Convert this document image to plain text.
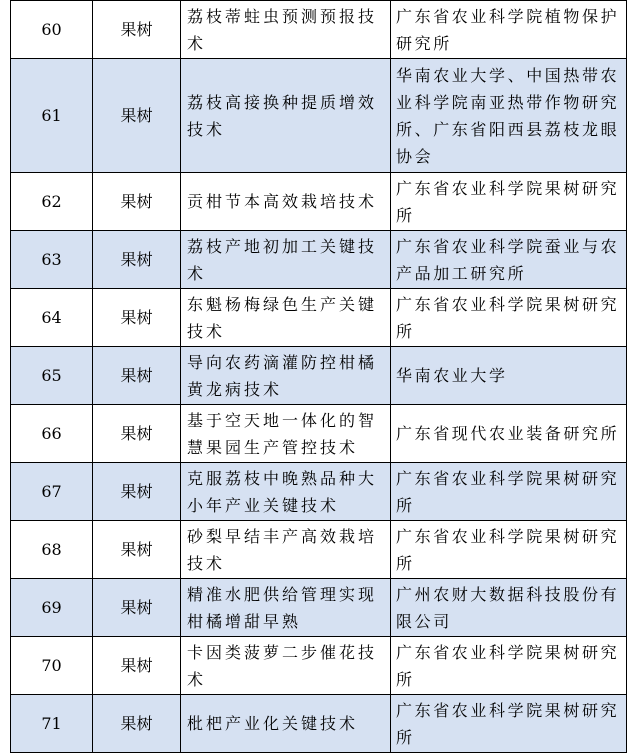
60	果树	荔枝蒂蛀虫预测预报技术	广东省农业科学院植物保护研究所
61	果树	荔枝高接换种提质增效技术	华南农业大学、中国热带农业科学院南亚热带作物研究所、广东省阳西县荔枝龙眼协会
62	果树	贡柑节本高效栽培技术	广东省农业科学院果树研究所
63	果树	荔枝产地初加工关键技术	广东省农业科学院蚕业与农产品加工研究所
64	果树	东魁杨梅绿色生产关键技术	广东省农业科学院果树研究所
65	果树	导向农药滴灌防控柑橘黄龙病技术	华南农业大学
66	果树	基于空天地一体化的智慧果园生产管控技术	广东省现代农业装备研究所
67	果树	克服荔枝中晚熟品种大小年产业关键技术	广东省农业科学院果树研究所
68	果树	砂梨早结丰产高效栽培技术	广东省农业科学院果树研究所
69	果树	精准水肥供给管理实现柑橘增甜早熟	广州农财大数据科技股份有限公司
70	果树	卡因类菠萝二步催花技术	广东省农业科学院果树研究所
71	果树	枇杷产业化关键技术	广东省农业科学院果树研究所
